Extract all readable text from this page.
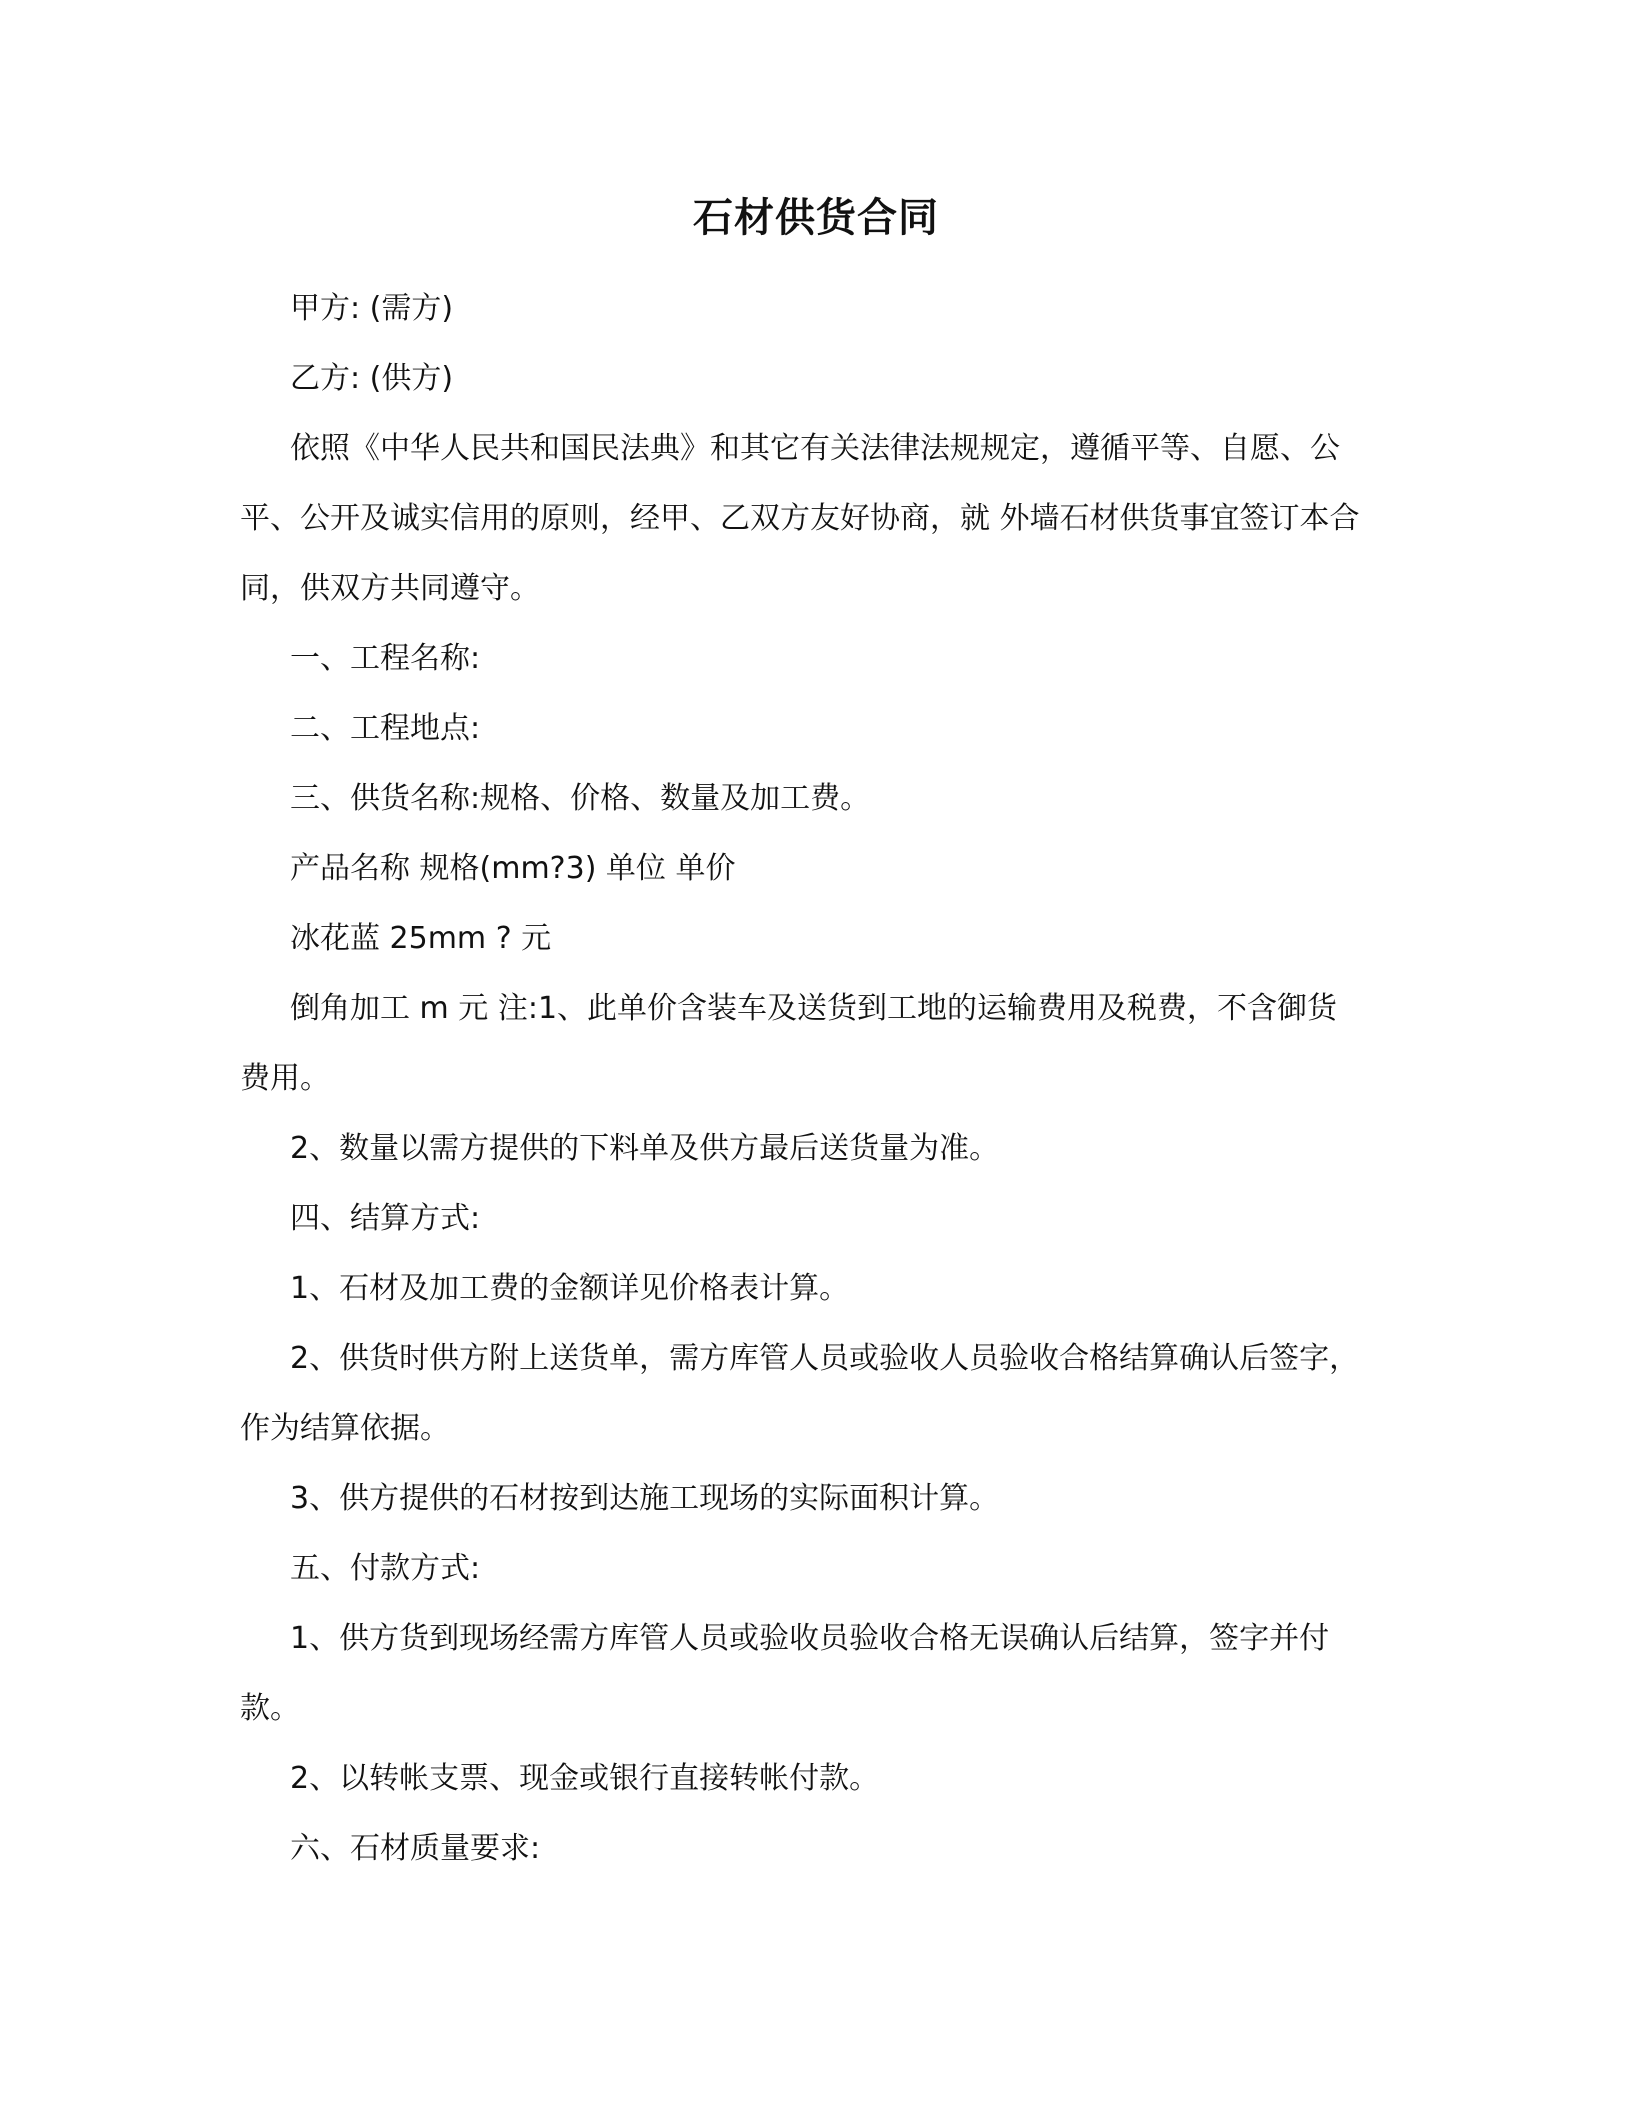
石材供货合同

甲方: (需方)

乙方: (供方)

依照《中华人民共和国民法典》和其它有关法律法规规定，遵循平等、自愿、公平、公开及诚实信用的原则，经甲、乙双方友好协商，就 外墙石材供货事宜签订本合同，供双方共同遵守。

一、工程名称:

二、工程地点:

三、供货名称:规格、价格、数量及加工费。

产品名称 规格(mm?3) 单位 单价

冰花蓝 25mm ? 元

倒角加工 m 元 注:1、此单价含装车及送货到工地的运输费用及税费，不含御货费用。

2、数量以需方提供的下料单及供方最后送货量为准。

四、结算方式:

1、石材及加工费的金额详见价格表计算。

2、供货时供方附上送货单，需方库管人员或验收人员验收合格结算确认后签字，作为结算依据。

3、供方提供的石材按到达施工现场的实际面积计算。

五、付款方式:

1、供方货到现场经需方库管人员或验收员验收合格无误确认后结算，签字并付款。

2、以转帐支票、现金或银行直接转帐付款。

六、石材质量要求:
